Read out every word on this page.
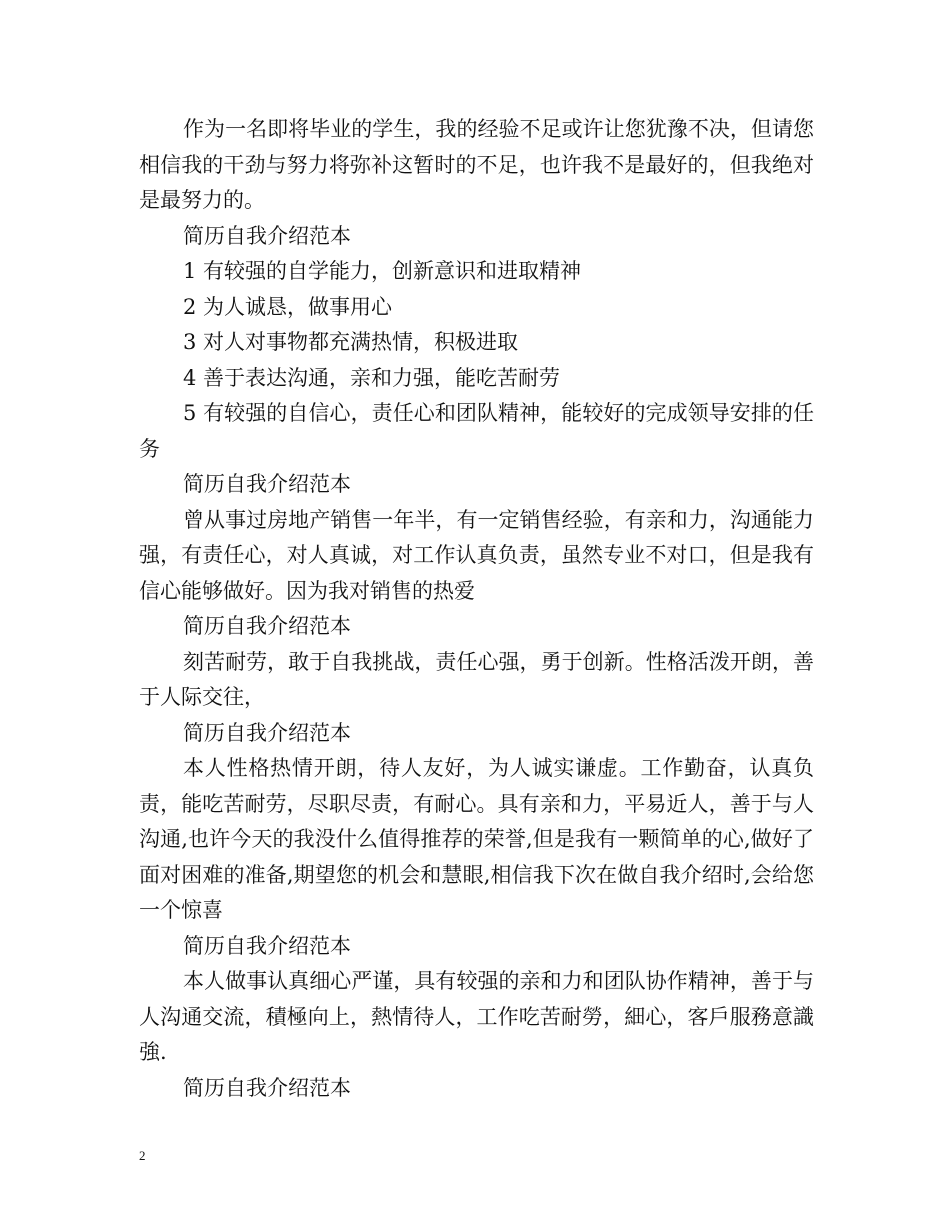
作为一名即将毕业的学生，我的经验不足或许让您犹豫不决，但请您相信我的干劲与努力将弥补这暂时的不足，也许我不是最好的，但我绝对是最努力的。

简历自我介绍范本

1 有较强的自学能力，创新意识和进取精神

2 为人诚恳，做事用心

3 对人对事物都充满热情，积极进取

4 善于表达沟通，亲和力强，能吃苦耐劳

5 有较强的自信心，责任心和团队精神，能较好的完成领导安排的任务

简历自我介绍范本

曾从事过房地产销售一年半，有一定销售经验，有亲和力，沟通能力强，有责任心，对人真诚，对工作认真负责，虽然专业不对口，但是我有信心能够做好。因为我对销售的热爱

简历自我介绍范本

刻苦耐劳，敢于自我挑战，责任心强，勇于创新。性格活泼开朗，善于人际交往，

简历自我介绍范本

本人性格热情开朗，待人友好，为人诚实谦虚。工作勤奋，认真负责，能吃苦耐劳，尽职尽责，有耐心。具有亲和力，平易近人，善于与人沟通,也许今天的我没什么值得推荐的荣誉,但是我有一颗简单的心,做好了面对困难的准备,期望您的机会和慧眼,相信我下次在做自我介绍时,会给您一个惊喜

简历自我介绍范本

本人做事认真细心严谨，具有较强的亲和力和团队协作精神，善于与人沟通交流，積極向上，熱情待人，工作吃苦耐勞，細心，客戶服務意識強.

简历自我介绍范本

2
